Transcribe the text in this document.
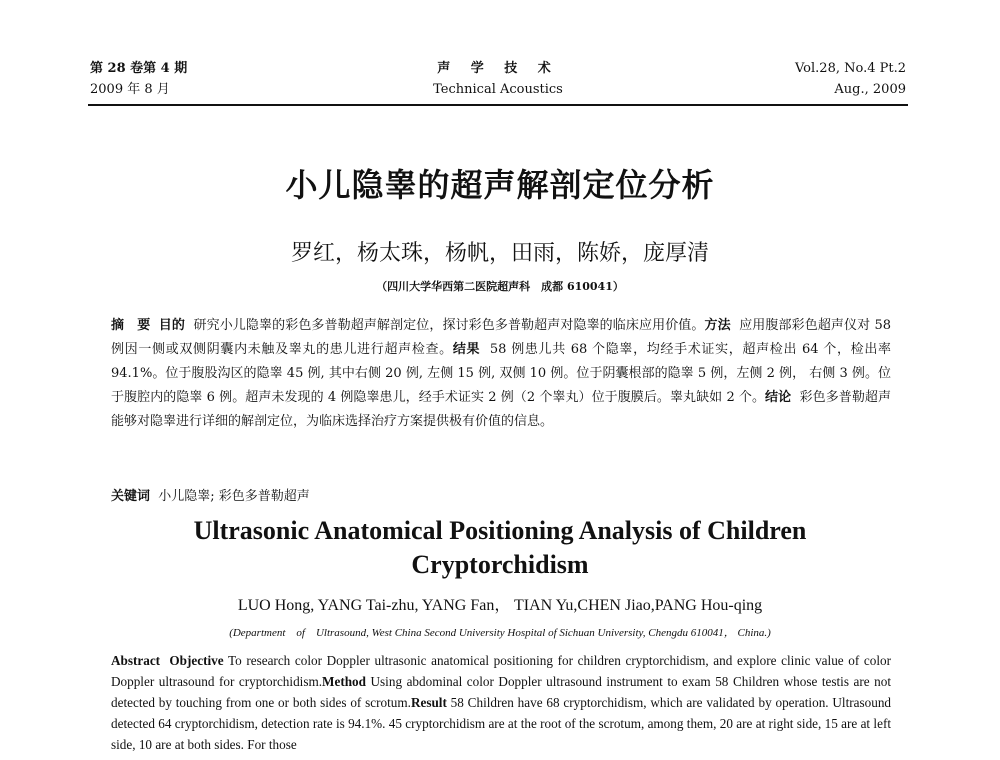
第 28 卷第 4 期
2009 年 8 月
声 学 技 术
Technical Acoustics
Vol.28, No.4 Pt.2
Aug., 2009
小儿隐睾的超声解剖定位分析
罗红，杨太珠，杨帆，田雨，陈娇，庞厚清
（四川大学华西第二医院超声科　成都 610041）
摘　要 目的 研究小儿隐睾的彩色多普勒超声解剖定位，探讨彩色多普勒超声对隐睾的临床应用价值。方法 应用腹部彩色超声仪对 58 例因一侧或双侧阴囊内未触及睾丸的患儿进行超声检查。结果 58 例患儿共 68 个隐睾，均经手术证实，超声检出 64 个，检出率 94.1%。位于腹股沟区的隐睾 45 例, 其中右侧 20 例, 左侧 15 例, 双侧 10 例。位于阴囊根部的隐睾 5 例，左侧 2 例， 右侧 3 例。位于腹腔内的隐睾 6 例。超声未发现的 4 例隐睾患儿，经手术证实 2 例（2 个睾丸）位于腹膜后。睾丸缺如 2 个。结论 彩色多普勒超声能够对隐睾进行详细的解剖定位，为临床选择治疗方案提供极有价值的信息。
关键词 小儿隐睾; 彩色多普勒超声
Ultrasonic Anatomical Positioning Analysis of Children
Cryptorchidism
LUO Hong, YANG Tai-zhu, YANG Fan， TIAN Yu,CHEN Jiao,PANG Hou-qing
(Department　of　Ultrasound, West China Second University Hospital of Sichuan University, Chengdu 610041， China.)
Abstract Objective To research color Doppler ultrasonic anatomical positioning for children cryptorchidism, and explore clinic value of color Doppler ultrasound for cryptorchidism.Method Using abdominal color Doppler ultrasound instrument to exam 58 Children whose testis are not detected by touching from one or both sides of scrotum.Result 58 Children have 68 cryptorchidism, which are validated by operation. Ultrasound detected 64 cryptorchidism, detection rate is 94.1%. 45 cryptorchidism are at the root of the scrotum, among them, 20 are at right side, 15 are at left side, 10 are at both sides. For those
